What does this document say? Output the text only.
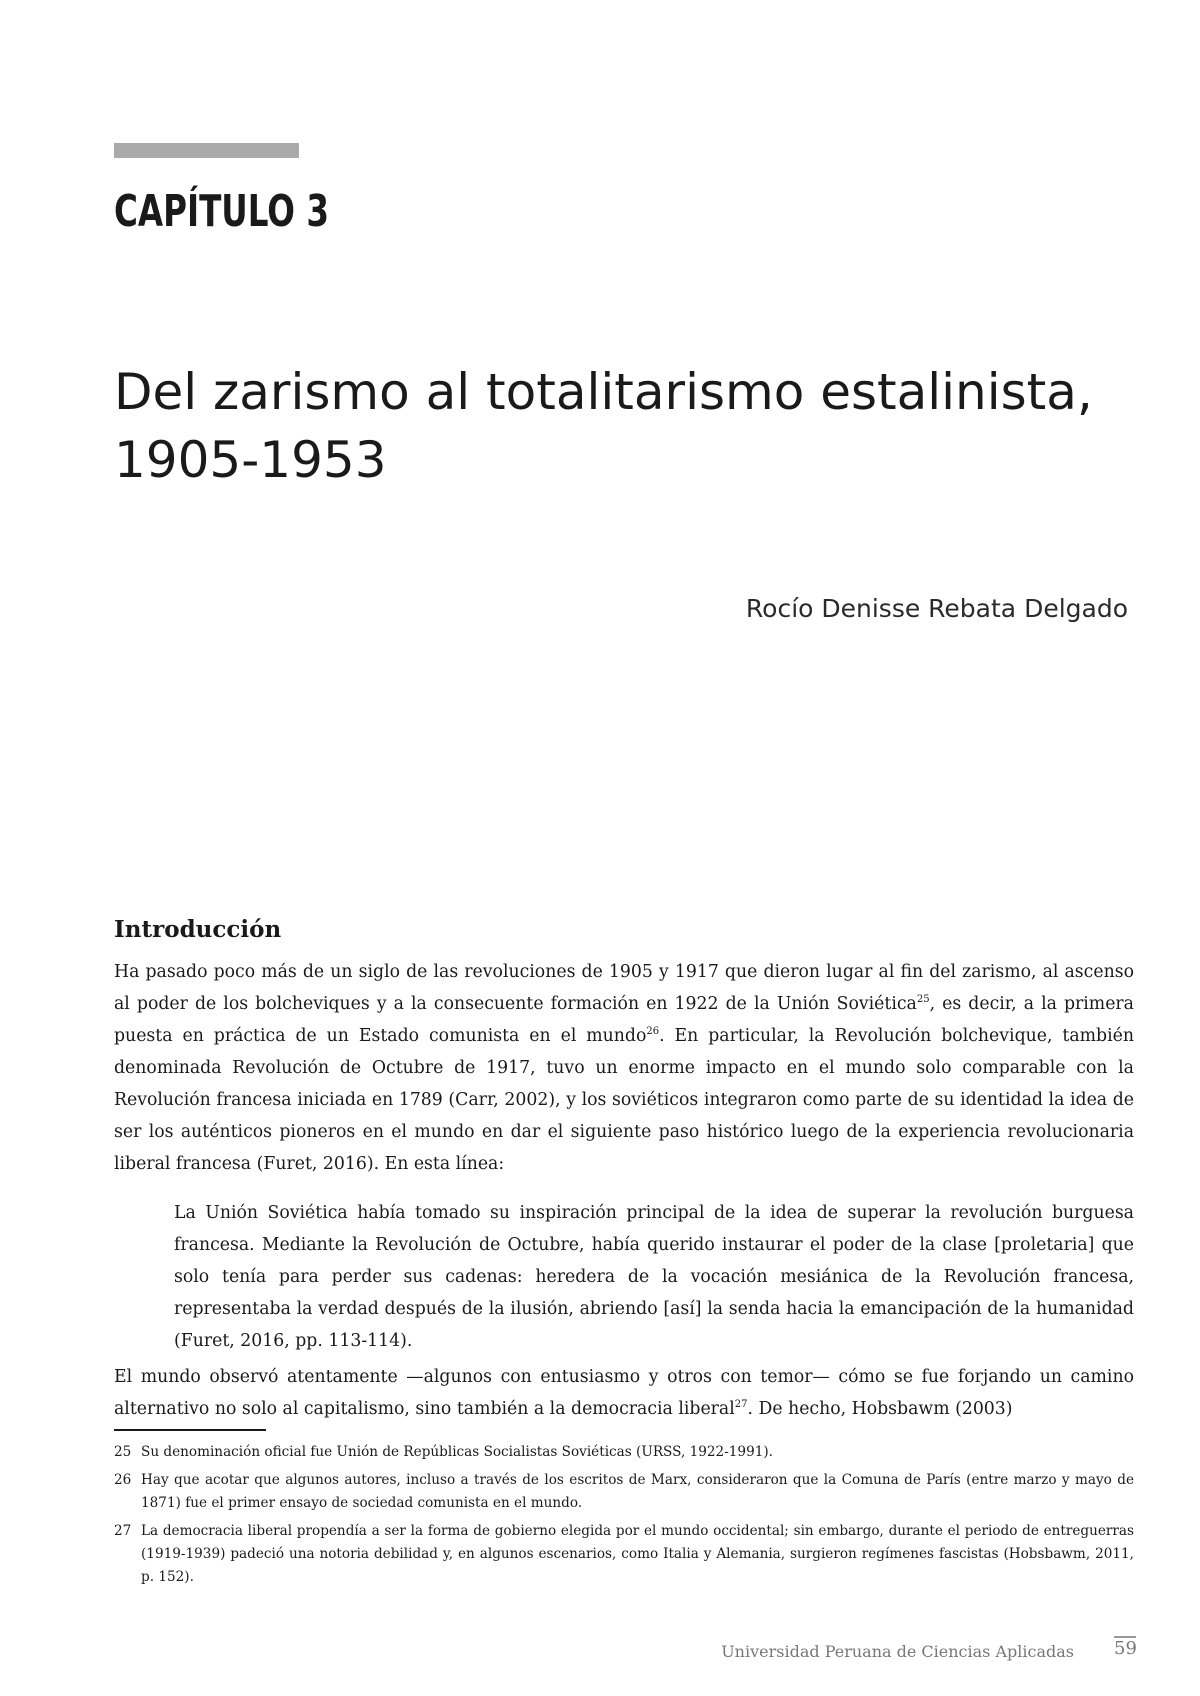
CAPÍTULO 3
Del zarismo al totalitarismo estalinista,
1905-1953
Rocío Denisse Rebata Delgado
Introducción

Ha pasado poco más de un siglo de las revoluciones de 1905 y 1917 que dieron lugar al fin del zarismo, al ascenso al poder de los bolcheviques y a la consecuente formación en 1922 de la Unión Soviética$^{25}$, es decir, a la primera puesta en práctica de un Estado comunista en el mundo$^{26}$. En particular, la Revolución bolchevique, también denominada Revolución de Octubre de 1917, tuvo un enorme impacto en el mundo solo comparable con la Revolución francesa iniciada en 1789 (Carr, 2002), y los soviéticos integraron como parte de su identidad la idea de ser los auténticos pioneros en el mundo en dar el siguiente paso histórico luego de la experiencia revolucionaria liberal francesa (Furet, 2016). En esta línea:

La Unión Soviética había tomado su inspiración principal de la idea de superar la revolución burguesa francesa. Mediante la Revolución de Octubre, había querido instaurar el poder de la clase [proletaria] que solo tenía para perder sus cadenas: heredera de la vocación mesiánica de la Revolución francesa, representaba la verdad después de la ilusión, abriendo [así] la senda hacia la emancipación de la humanidad (Furet, 2016, pp. 113-114).

El mundo observó atentamente —algunos con entusiasmo y otros con temor— cómo se fue forjando un camino alternativo no solo al capitalismo, sino también a la democracia liberal$^{27}$. De hecho, Hobsbawm (2003)

25 Su denominación oficial fue Unión de Repúblicas Socialistas Soviéticas (URSS, 1922-1991).
26 Hay que acotar que algunos autores, incluso a través de los escritos de Marx, consideraron que la Comuna de París (entre marzo y mayo de 1871) fue el primer ensayo de sociedad comunista en el mundo.
27 La democracia liberal propendía a ser la forma de gobierno elegida por el mundo occidental; sin embargo, durante el periodo de entreguerras (1919-1939) padeció una notoria debilidad y, en algunos escenarios, como Italia y Alemania, surgieron regímenes fascistas (Hobsbawm, 2011, p. 152).
Universidad Peruana de Ciencias Aplicadas 59
